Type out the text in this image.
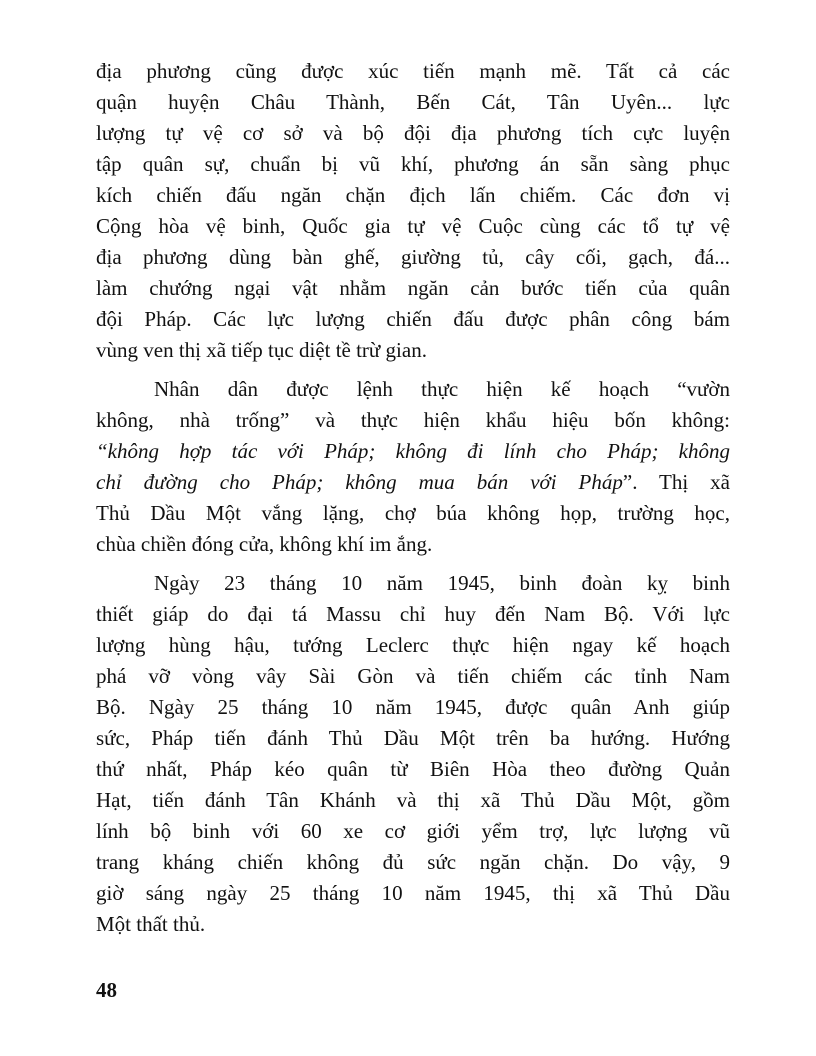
địa phương cũng được xúc tiến mạnh mẽ. Tất cả các
quận huyện Châu Thành, Bến Cát, Tân Uyên... lực
lượng tự vệ cơ sở và bộ đội địa phương tích cực luyện
tập quân sự, chuẩn bị vũ khí, phương án sẵn sàng phục
kích chiến đấu ngăn chặn địch lấn chiếm. Các đơn vị
Cộng hòa vệ binh, Quốc gia tự vệ Cuộc cùng các tổ tự vệ
địa phương dùng bàn ghế, giường tủ, cây cối, gạch, đá...
làm chướng ngại vật nhằm ngăn cản bước tiến của quân
đội Pháp. Các lực lượng chiến đấu được phân công bám
vùng ven thị xã tiếp tục diệt tề trừ gian.

Nhân dân được lệnh thực hiện kế hoạch “vườn
không, nhà trống” và thực hiện khẩu hiệu bốn không:
“không hợp tác với Pháp; không đi lính cho Pháp; không
chỉ đường cho Pháp; không mua bán với Pháp”. Thị xã
Thủ Dầu Một vắng lặng, chợ búa không họp, trường học,
chùa chiền đóng cửa, không khí im ắng.

Ngày 23 tháng 10 năm 1945, binh đoàn kỵ binh
thiết giáp do đại tá Massu chỉ huy đến Nam Bộ. Với lực
lượng hùng hậu, tướng Leclerc thực hiện ngay kế hoạch
phá vỡ vòng vây Sài Gòn và tiến chiếm các tỉnh Nam
Bộ. Ngày 25 tháng 10 năm 1945, được quân Anh giúp
sức, Pháp tiến đánh Thủ Dầu Một trên ba hướng. Hướng
thứ nhất, Pháp kéo quân từ Biên Hòa theo đường Quản
Hạt, tiến đánh Tân Khánh và thị xã Thủ Dầu Một, gồm
lính bộ binh với 60 xe cơ giới yểm trợ, lực lượng vũ
trang kháng chiến không đủ sức ngăn chặn. Do vậy, 9
giờ sáng ngày 25 tháng 10 năm 1945, thị xã Thủ Dầu
Một thất thủ.

48
